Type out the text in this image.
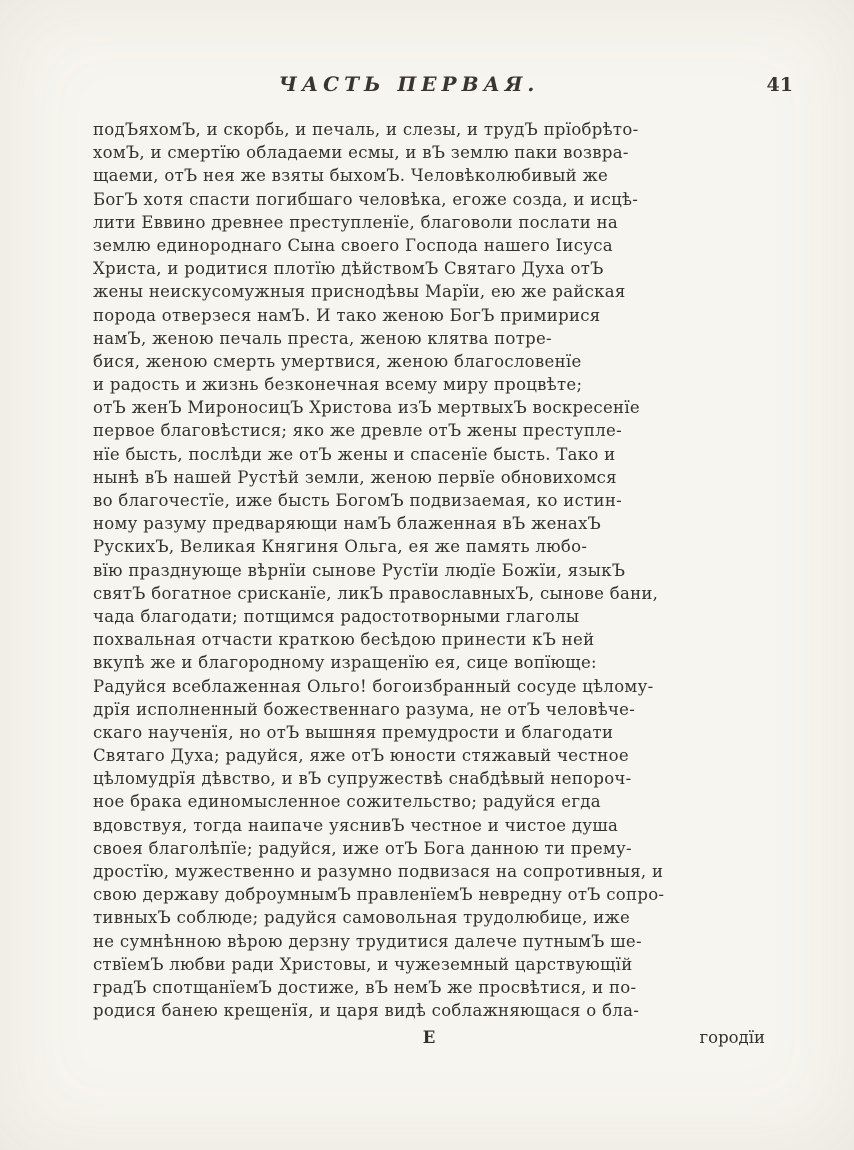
ЧАСТЬ ПЕРВАЯ.	41
подЪяхомЪ, и скорбь, и печаль, и слезы, и трудЪ прїобрѣто-
хомЪ, и смертїю обладаеми есмы, и вЪ землю паки возвра-
щаеми, отЪ нея же взяты быхомЪ. Человѣколюбивый же
БогЪ хотя спасти погибшаго человѣка, егоже созда, и исцѣ-
лити Еввино древнее преступленїе, благоволи послати на
землю единороднаго Сына своего Господа нашего Іисуса
Христа, и родитися плотїю дѣйствомЪ Святаго Духа отЪ
жены неискусомужныя приснодѣвы Марїи, ею же райская
порода отверзеся намЪ. И тако женою БогЪ примирися
намЪ, женою печаль преста, женою клятва потре-
бися, женою смерть умертвися, женою благословенїе
и радость и жизнь безконечная всему миру процвѣте;
отЪ женЪ МироносицЪ Христова изЪ мертвыхЪ воскресенїе
первое благовѣстися; яко же древле отЪ жены преступле-
нїе бысть, послѣди же отЪ жены и спасенїе бысть. Тако и
нынѣ вЪ нашей Рустѣй земли, женою первїе обновихомся
во благочестїе, иже бысть БогомЪ подвизаемая, ко истин-
ному разуму предваряющи намЪ блаженная вЪ женахЪ
РускихЪ, Великая Княгиня Ольга, ея же память любо-
вїю празднующе вѣрнїи сынове Рустїи людїе Божїи, языкЪ
святЪ богатное срисканїе, ликЪ православныхЪ, сынове бани,
чада благодати; потщимся радостотворными глаголы
похвальная отчасти краткою бесѣдою принести кЪ ней
вкупѣ же и благородному изращенїю ея, сице вопїюще:
Радуйся всеблаженная Ольго! богоизбранный сосуде цѣлому-
дрїя исполненный божественнаго разума, не отЪ человѣче-
скаго наученїя, но отЪ вышняя премудрости и благодати
Святаго Духа; радуйся, яже отЪ юности стяжавый честное
цѣломудрїя дѣвство, и вЪ супружествѣ снабдѣвый непороч-
ное брака единомысленное сожительство; радуйся егда
вдовствуя, тогда наипаче уяснивЪ честное и чистое душа
своея благолѣпїе; радуйся, иже отЪ Бога данною ти прему-
дростїю, мужественно и разумно подвизася на сопротивныя, и
свою державу доброумнымЪ правленїемЪ невредну отЪ сопро-
тивныхЪ соблюде; радуйся самовольная трудолюбице, иже
не сумнѣнною вѣрою дерзну трудитися далече путнымЪ ше-
ствїемЪ любви ради Христовы, и чужеземный царствующїй
градЪ спотщанїемЪ достиже, вЪ немЪ же просвѣтися, и по-
родися банею крещенїя, и царя видѣ соблажняющася о бла-
Е	городїи
